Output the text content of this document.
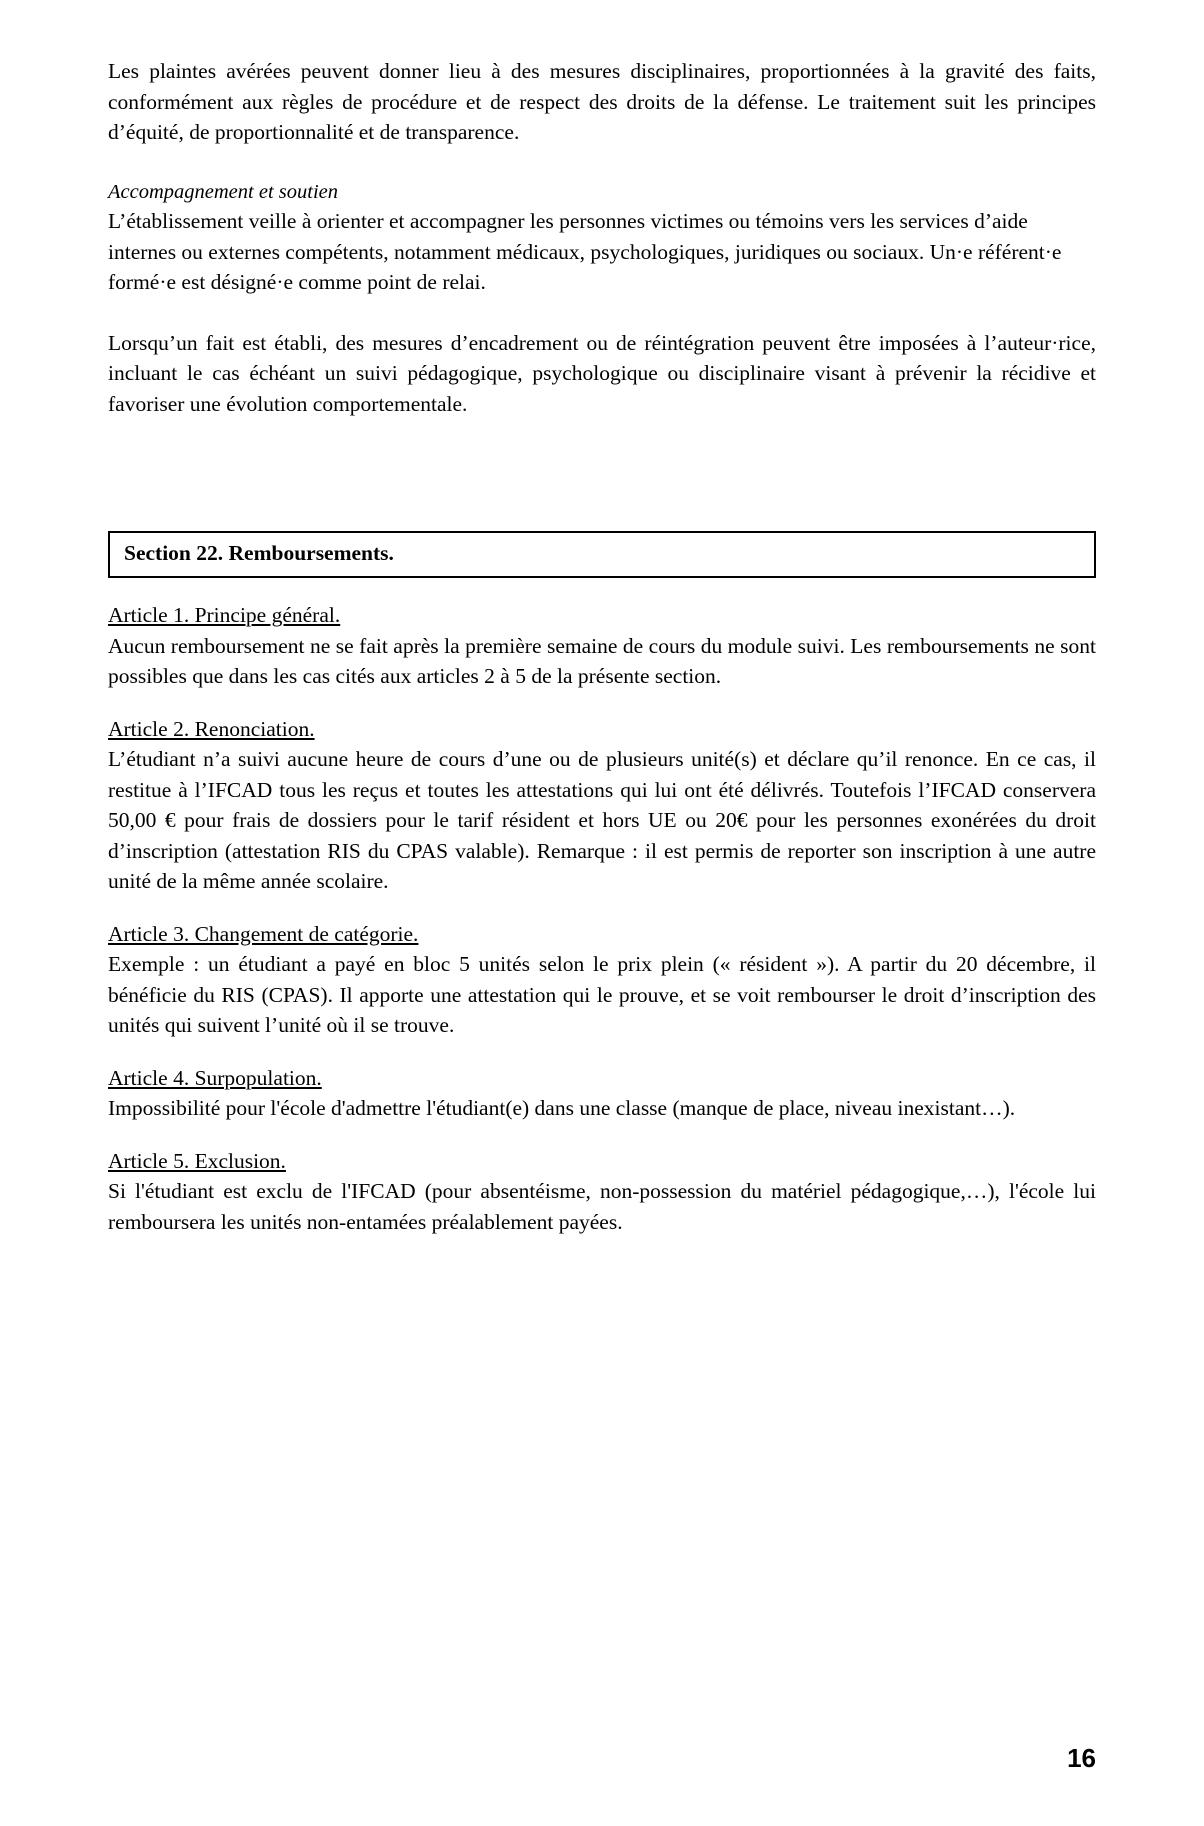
Les plaintes avérées peuvent donner lieu à des mesures disciplinaires, proportionnées à la gravité des faits, conformément aux règles de procédure et de respect des droits de la défense. Le traitement suit les principes d’équité, de proportionnalité et de transparence.

Accompagnement et soutien

L’établissement veille à orienter et accompagner les personnes victimes ou témoins vers les services d’aide internes ou externes compétents, notamment médicaux, psychologiques, juridiques ou sociaux. Un·e référent·e formé·e est désigné·e comme point de relai.

Lorsqu’un fait est établi, des mesures d’encadrement ou de réintégration peuvent être imposées à l’auteur·rice, incluant le cas échéant un suivi pédagogique, psychologique ou disciplinaire visant à prévenir la récidive et favoriser une évolution comportementale.

Section 22. Remboursements.
Article 1. Principe général.

Aucun remboursement ne se fait après la première semaine de cours du module suivi. Les remboursements ne sont possibles que dans les cas cités aux articles 2 à 5 de la présente section.

Article 2. Renonciation.

L’étudiant n’a suivi aucune heure de cours d’une ou de plusieurs unité(s) et déclare qu’il renonce. En ce cas, il restitue à l’IFCAD tous les reçus et toutes les attestations qui lui ont été délivrés. Toutefois l’IFCAD conservera 50,00 € pour frais de dossiers pour le tarif résident et hors UE ou 20€ pour les personnes exonérées du droit d’inscription (attestation RIS du CPAS valable). Remarque : il est permis de reporter son inscription à une autre unité de la même année scolaire.

Article 3. Changement de catégorie.

Exemple : un étudiant a payé en bloc 5 unités selon le prix plein (« résident »). A partir du 20 décembre, il bénéficie du RIS (CPAS). Il apporte une attestation qui le prouve, et se voit rembourser le droit d’inscription des unités qui suivent l’unité où il se trouve.

Article 4. Surpopulation.

Impossibilité pour l'école d'admettre l'étudiant(e) dans une classe (manque de place, niveau inexistant…).

Article 5. Exclusion.

Si l'étudiant est exclu de l'IFCAD (pour absentéisme, non-possession du matériel pédagogique,…), l'école lui remboursera les unités non-entamées préalablement payées.

16
